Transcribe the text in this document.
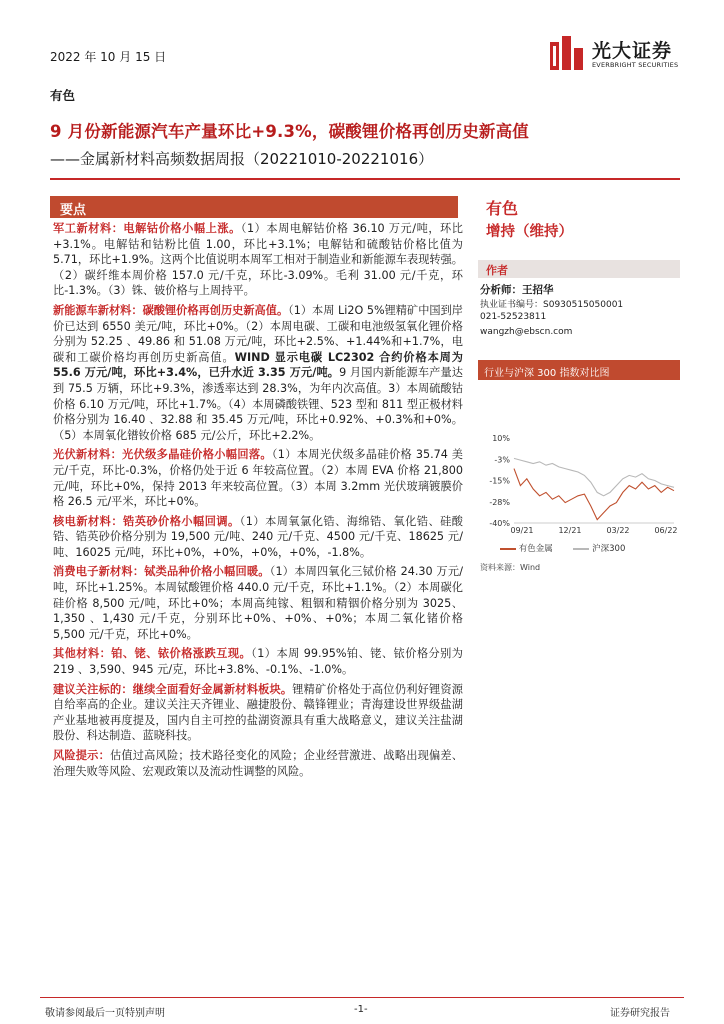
2022 年 10 月 15 日	光大证券
EVERBRIGHT SECURITIES
有色
9 月份新能源汽车产量环比+9.3%，碳酸锂价格再创历史新高值
——金属新材料高频数据周报（20221010-20221016）
要点

军工新材料：电解钴价格小幅上涨。（1）本周电解钴价格 36.10 万元/吨，环比+3.1%。电解钴和钴粉比值 1.00，环比+3.1%；电解钴和硫酸钴价格比值为 5.71，环比+1.9%。这两个比值说明本周军工相对于制造业和新能源车表现转强。（2）碳纤维本周价格 157.0 元/千克，环比-3.09%。毛利 31.00 元/千克，环比-1.3%。（3）铢、铍价格与上周持平。

新能源车新材料：碳酸锂价格再创历史新高值。（1）本周 Li2O 5%锂精矿中国到岸价已达到 6550 美元/吨，环比+0%。（2）本周电碳、工碳和电池级氢氧化锂价格分别为 52.25 、49.86 和 51.08 万元/吨，环比+2.5%、+1.44%和+1.7%，电碳和工碳价格均再创历史新高值。WIND 显示电碳 LC2302 合约价格本周为 55.6 万元/吨，环比+3.4%，已升水近 3.35 万元/吨。9 月国内新能源车产量达到 75.5 万辆，环比+9.3%，渗透率达到 28.3%，为年内次高值。3）本周硫酸钴价格 6.10 万元/吨，环比+1.7%。（4）本周磷酸铁锂、523 型和 811 型正极材料价格分别为 16.40 、32.88 和 35.45 万元/吨，环比+0.92%、+0.3%和+0%。（5）本周氧化镨钕价格 685 元/公斤，环比+2.2%。

光伏新材料：光伏级多晶硅价格小幅回落。（1）本周光伏级多晶硅价格 35.74 美元/千克，环比-0.3%，价格仍处于近 6 年较高位置。（2）本周 EVA 价格 21,800 元/吨，环比+0%，保持 2013 年来较高位置。（3）本周 3.2mm 光伏玻璃镀膜价格 26.5 元/平米，环比+0%。

核电新材料：锆英砂价格小幅回调。（1）本周氧氯化锆、海绵锆、氧化锆、硅酸锆、锆英砂价格分别为 19,500 元/吨、240 元/千克、4500 元/千克、18625 元/吨、16025 元/吨，环比+0%，+0%，+0%，+0%，-1.8%。

消费电子新材料：铽类品种价格小幅回暖。（1）本周四氧化三铽价格 24.30 万元/吨，环比+1.25%。本周铽酸锂价格 440.0 元/千克，环比+1.1%。（2）本周碳化硅价格 8,500 元/吨，环比+0%；本周高纯镓、粗铟和精铟价格分别为 3025、1,350 、1,430 元/千克，分别环比+0%、+0%、+0%；本周二氧化锗价格 5,500 元/千克，环比+0%。

其他材料：铂、铑、铱价格涨跌互现。（1）本周 99.95%铂、铑、铱价格分别为 219 、3,590、945 元/克，环比+3.8%、-0.1%、-1.0%。

建议关注标的：继续全面看好金属新材料板块。锂精矿价格处于高位仍利好锂资源自给率高的企业。建议关注天齐锂业、融捷股份、赣锋锂业；青海建设世界级盐湖产业基地被再度提及，国内自主可控的盐湖资源具有重大战略意义，建议关注盐湖股份、科达制造、蓝晓科技。

风险提示：估值过高风险；技术路径变化的风险；企业经营激进、战略出现偏差、治理失败等风险、宏观政策以及流动性调整的风险。

有色
增持（维持）
作者
分析师：王招华
执业证书编号：S0930515050001
021-52523811
wangzh@ebscn.com
行业与沪深 300 指数对比图
10%
-3%
-15%
-28%
-40%
09/21	12/21	03/22	06/22
有色金属	沪深300
资料来源：Wind
敬请参阅最后一页特别声明	-1-	证券研究报告
